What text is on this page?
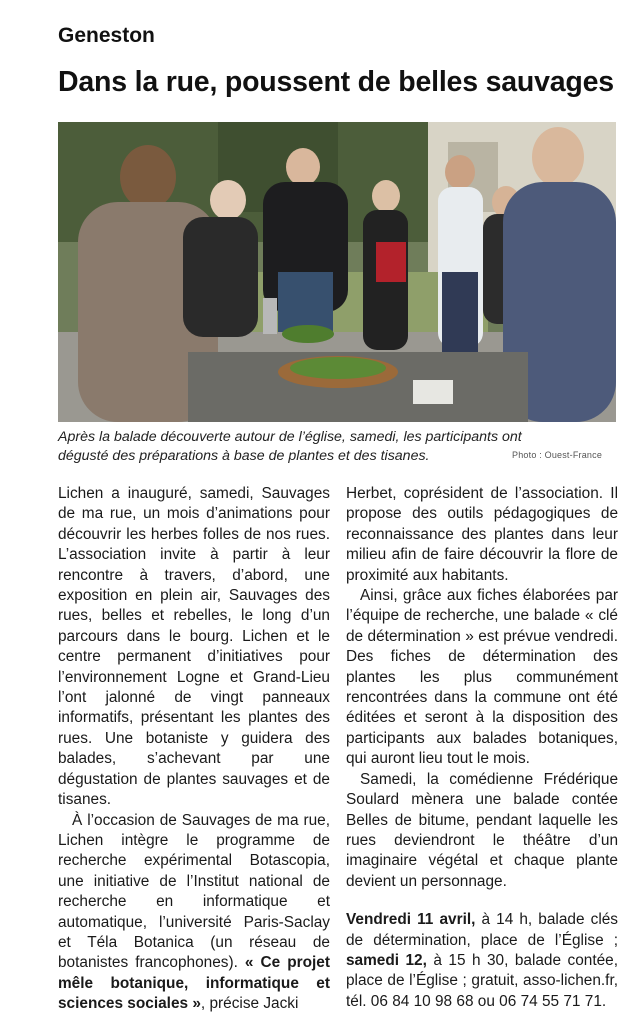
Geneston
Dans la rue, poussent de belles sauvages
Après la balade découverte autour de l’église, samedi, les participants ont dégusté des préparations à base de plantes et des tisanes.	Photo : Ouest-France

Lichen a inauguré, samedi, Sauvages de ma rue, un mois d’animations pour découvrir les herbes folles de nos rues. L’association invite à partir à leur rencontre à travers, d’abord, une exposition en plein air, Sauvages des rues, belles et rebelles, le long d’un parcours dans le bourg. Lichen et le centre permanent d’initiatives pour l’environnement Logne et Grand-Lieu l’ont jalonné de vingt panneaux informatifs, présentant les plantes des rues. Une botaniste y guidera des balades, s’achevant par une dégustation de plantes sauvages et de tisanes.

À l’occasion de Sauvages de ma rue, Lichen intègre le programme de recherche expérimental Botascopia, une initiative de l’Institut national de recherche en informatique et automatique, l’université Paris-Saclay et Téla Botanica (un réseau de botanistes francophones). « Ce projet mêle botanique, informatique et sciences sociales », précise Jacki

Herbet, coprésident de l’association. Il propose des outils pédagogiques de reconnaissance des plantes dans leur milieu afin de faire découvrir la flore de proximité aux habitants.

Ainsi, grâce aux fiches élaborées par l’équipe de recherche, une balade « clé de détermination » est prévue vendredi. Des fiches de détermination des plantes les plus communément rencontrées dans la commune ont été éditées et seront à la disposition des participants aux balades botaniques, qui auront lieu tout le mois.

Samedi, la comédienne Frédérique Soulard mènera une balade contée Belles de bitume, pendant laquelle les rues deviendront le théâtre d’un imaginaire végétal et chaque plante devient un personnage.

Vendredi 11 avril, à 14 h, balade clés de détermination, place de l’Église ; samedi 12, à 15 h 30, balade contée, place de l’Église ; gratuit, asso-lichen.fr, tél. 06 84 10 98 68 ou 06 74 55 71 71.
